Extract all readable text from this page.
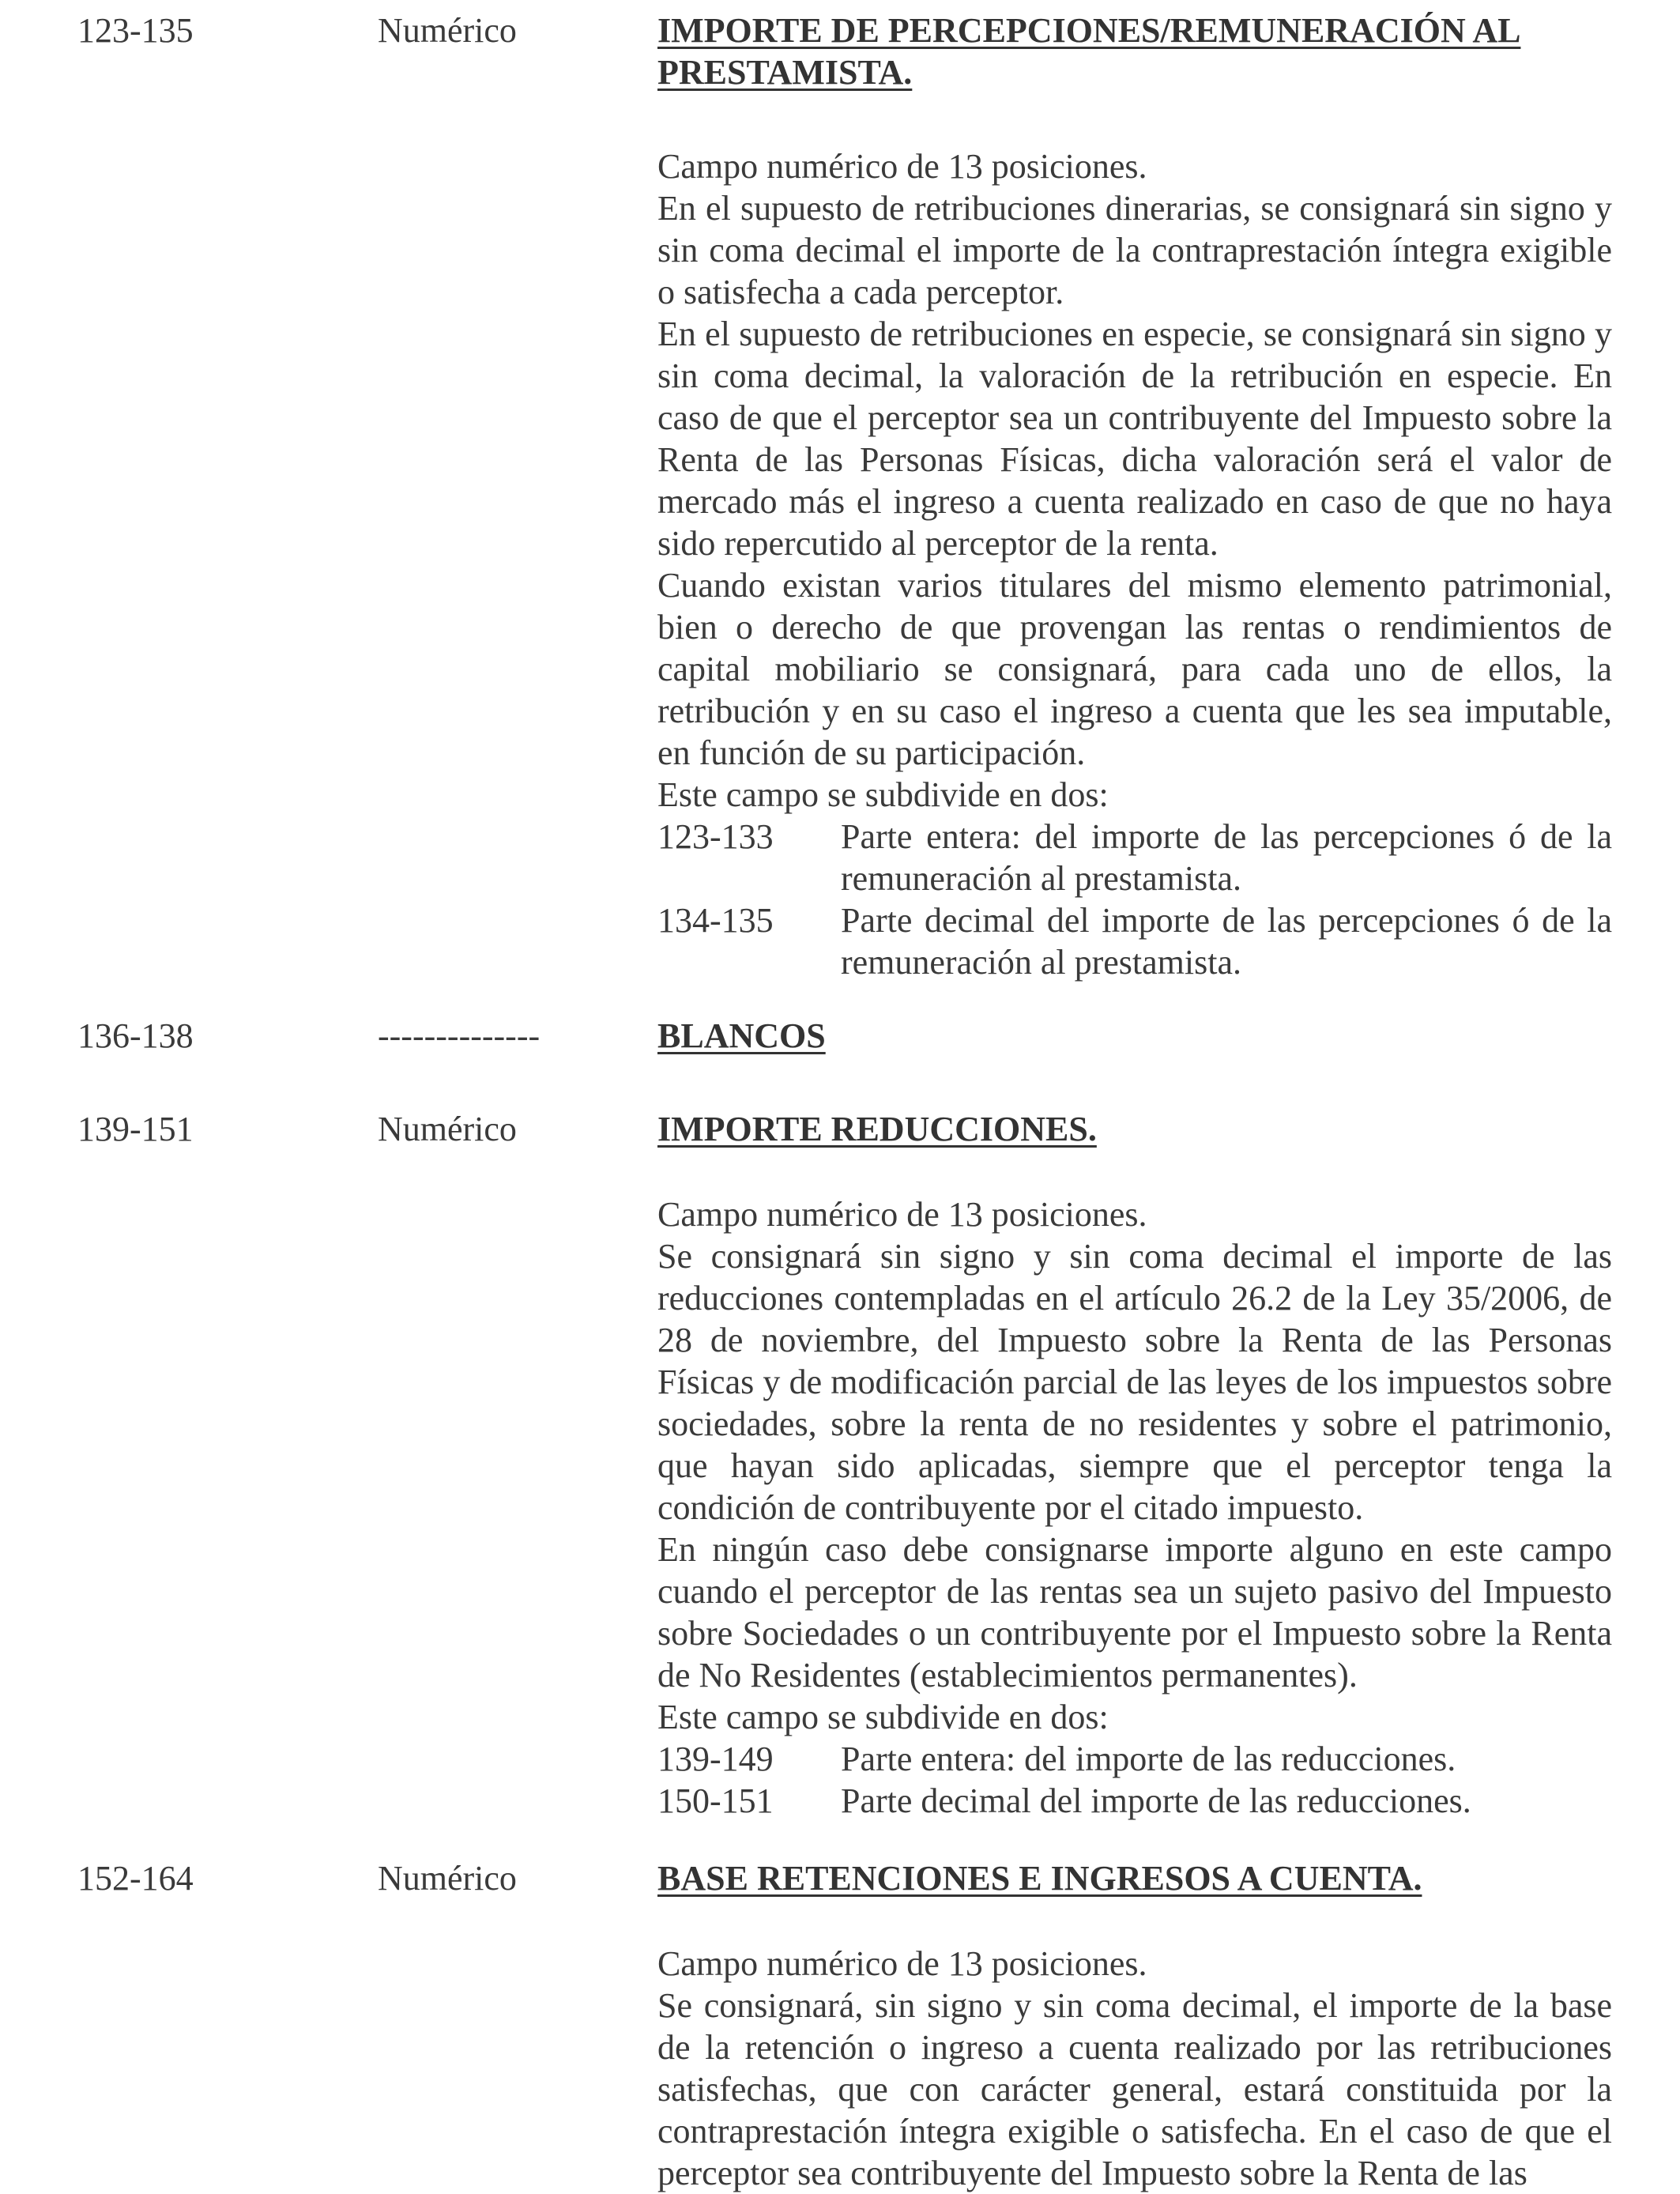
123-135	Numérico	IMPORTE DE PERCEPCIONES/REMUNERACIÓN AL PRESTAMISTA.

Campo numérico de 13 posiciones.

En el supuesto de retribuciones dinerarias, se consignará sin signo y sin coma decimal el importe de la contraprestación íntegra exigible o satisfecha a cada perceptor.

En el supuesto de retribuciones en especie, se consignará sin signo y sin coma decimal, la valoración de la retribución en especie. En caso de que el perceptor sea un contribuyente del Impuesto sobre la Renta de las Personas Físicas, dicha valoración será el valor de mercado más el ingreso a cuenta realizado en caso de que no haya sido repercutido al perceptor de la renta.

Cuando existan varios titulares del mismo elemento patrimonial, bien o derecho de que provengan las rentas o rendimientos de capital mobiliario se consignará, para cada uno de ellos, la retribución y en su caso el ingreso a cuenta que les sea imputable, en función de su participación.

Este campo se subdivide en dos:

123-133	Parte entera: del importe de las percepciones ó de la remuneración al prestamista.
134-135	Parte decimal del importe de las percepciones ó de la remuneración al prestamista.
136-138	--------------	BLANCOS
139-151	Numérico	IMPORTE REDUCCIONES.

Campo numérico de 13 posiciones.

Se consignará sin signo y sin coma decimal el importe de las reducciones contempladas en el artículo 26.2 de la Ley 35/2006, de 28 de noviembre, del Impuesto sobre la Renta de las Personas Físicas y de modificación parcial de las leyes de los impuestos sobre sociedades, sobre la renta de no residentes y sobre el patrimonio, que hayan sido aplicadas, siempre que el perceptor tenga la condición de contribuyente por el citado impuesto.

En ningún caso debe consignarse importe alguno en este campo cuando el perceptor de las rentas sea un sujeto pasivo del Impuesto sobre Sociedades o un contribuyente por el Impuesto sobre la Renta de No Residentes (establecimientos permanentes).

Este campo se subdivide en dos:

139-149	Parte entera: del importe de las reducciones.
150-151	Parte decimal del importe de las reducciones.
152-164	Numérico	BASE RETENCIONES E INGRESOS A CUENTA.

Campo numérico de 13 posiciones.

Se consignará, sin signo y sin coma decimal, el importe de la base de la retención o ingreso a cuenta realizado por las retribuciones satisfechas, que con carácter general, estará constituida por la contraprestación íntegra exigible o satisfecha. En el caso de que el perceptor sea contribuyente del Impuesto sobre la Renta de las
